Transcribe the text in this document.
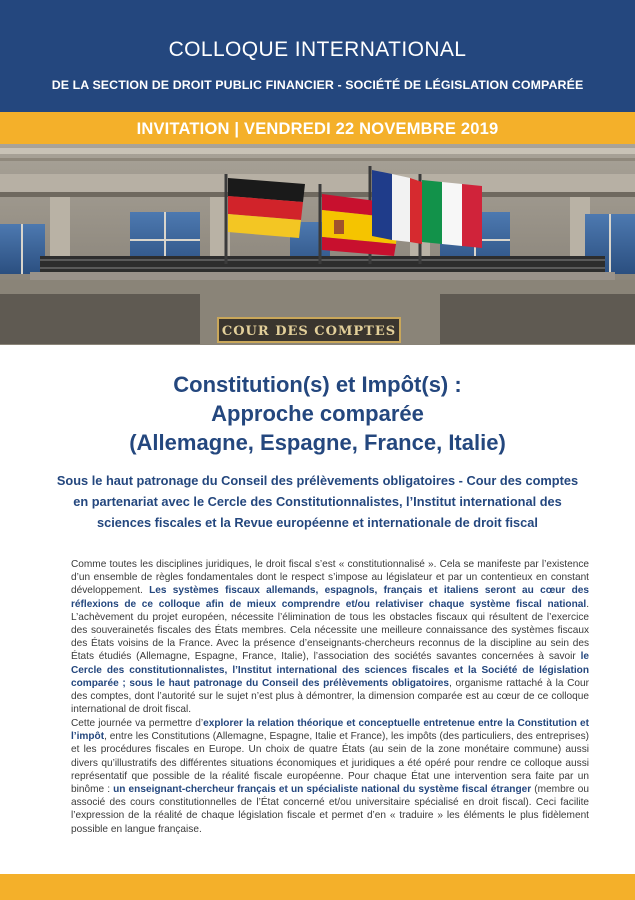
COLLOQUE INTERNATIONAL
DE LA SECTION DE DROIT PUBLIC FINANCIER - SOCIÉTÉ DE LÉGISLATION COMPARÉE
INVITATION | VENDREDI 22 NOVEMBRE 2019
COUR DES COMPTES
Constitution(s) et Impôt(s) :
Approche comparée
(Allemagne, Espagne, France, Italie)
Sous le haut patronage du Conseil des prélèvements obligatoires - Cour des comptes
en partenariat avec le Cercle des Constitutionnalistes, l’Institut international des
sciences fiscales et la Revue européenne et internationale de droit fiscal
Comme toutes les disciplines juridiques, le droit fiscal s’est « constitutionnalisé ». Cela se manifeste par l’existence d’un ensemble de règles fondamentales dont le respect s’impose au législateur et par un contentieux en constant développement. Les systèmes fiscaux allemands, espagnols, français et italiens seront au cœur des réflexions de ce colloque afin de mieux comprendre et/ou relativiser chaque système fiscal national. L’achèvement du projet européen, nécessite l’élimination de tous les obstacles fiscaux qui résultent de l’exercice des souverainetés fiscales des États membres. Cela nécessite une meilleure connaissance des systèmes fiscaux des États voisins de la France. Avec la présence d’enseignants-chercheurs reconnus de la discipline au sein des États étudiés (Allemagne, Espagne, France, Italie), l’association des sociétés savantes concernées à savoir le Cercle des constitutionnalistes, l’Institut international des sciences fiscales et la Société de législation comparée ; sous le haut patronage du Conseil des prélèvements obligatoires, organisme rattaché à la Cour des comptes, dont l’autorité sur le sujet n’est plus à démontrer, la dimension comparée est au cœur de ce colloque international de droit fiscal.
Cette journée va permettre d’explorer la relation théorique et conceptuelle entretenue entre la Constitution et l’impôt, entre les Constitutions (Allemagne, Espagne, Italie et France), les impôts (des particuliers, des entreprises) et les procédures fiscales en Europe. Un choix de quatre États (au sein de la zone monétaire commune) aussi divers qu’illustratifs des différentes situations économiques et juridiques a été opéré pour rendre ce colloque aussi représentatif que possible de la réalité fiscale européenne. Pour chaque État une intervention sera faite par un binôme : un enseignant-chercheur français et un spécialiste national du système fiscal étranger (membre ou associé des cours constitutionnelles de l’État concerné et/ou universitaire spécialisé en droit fiscal). Ceci facilite l’expression de la réalité de chaque législation fiscale et permet d’en « traduire » les éléments le plus fidèlement possible en langue française.
